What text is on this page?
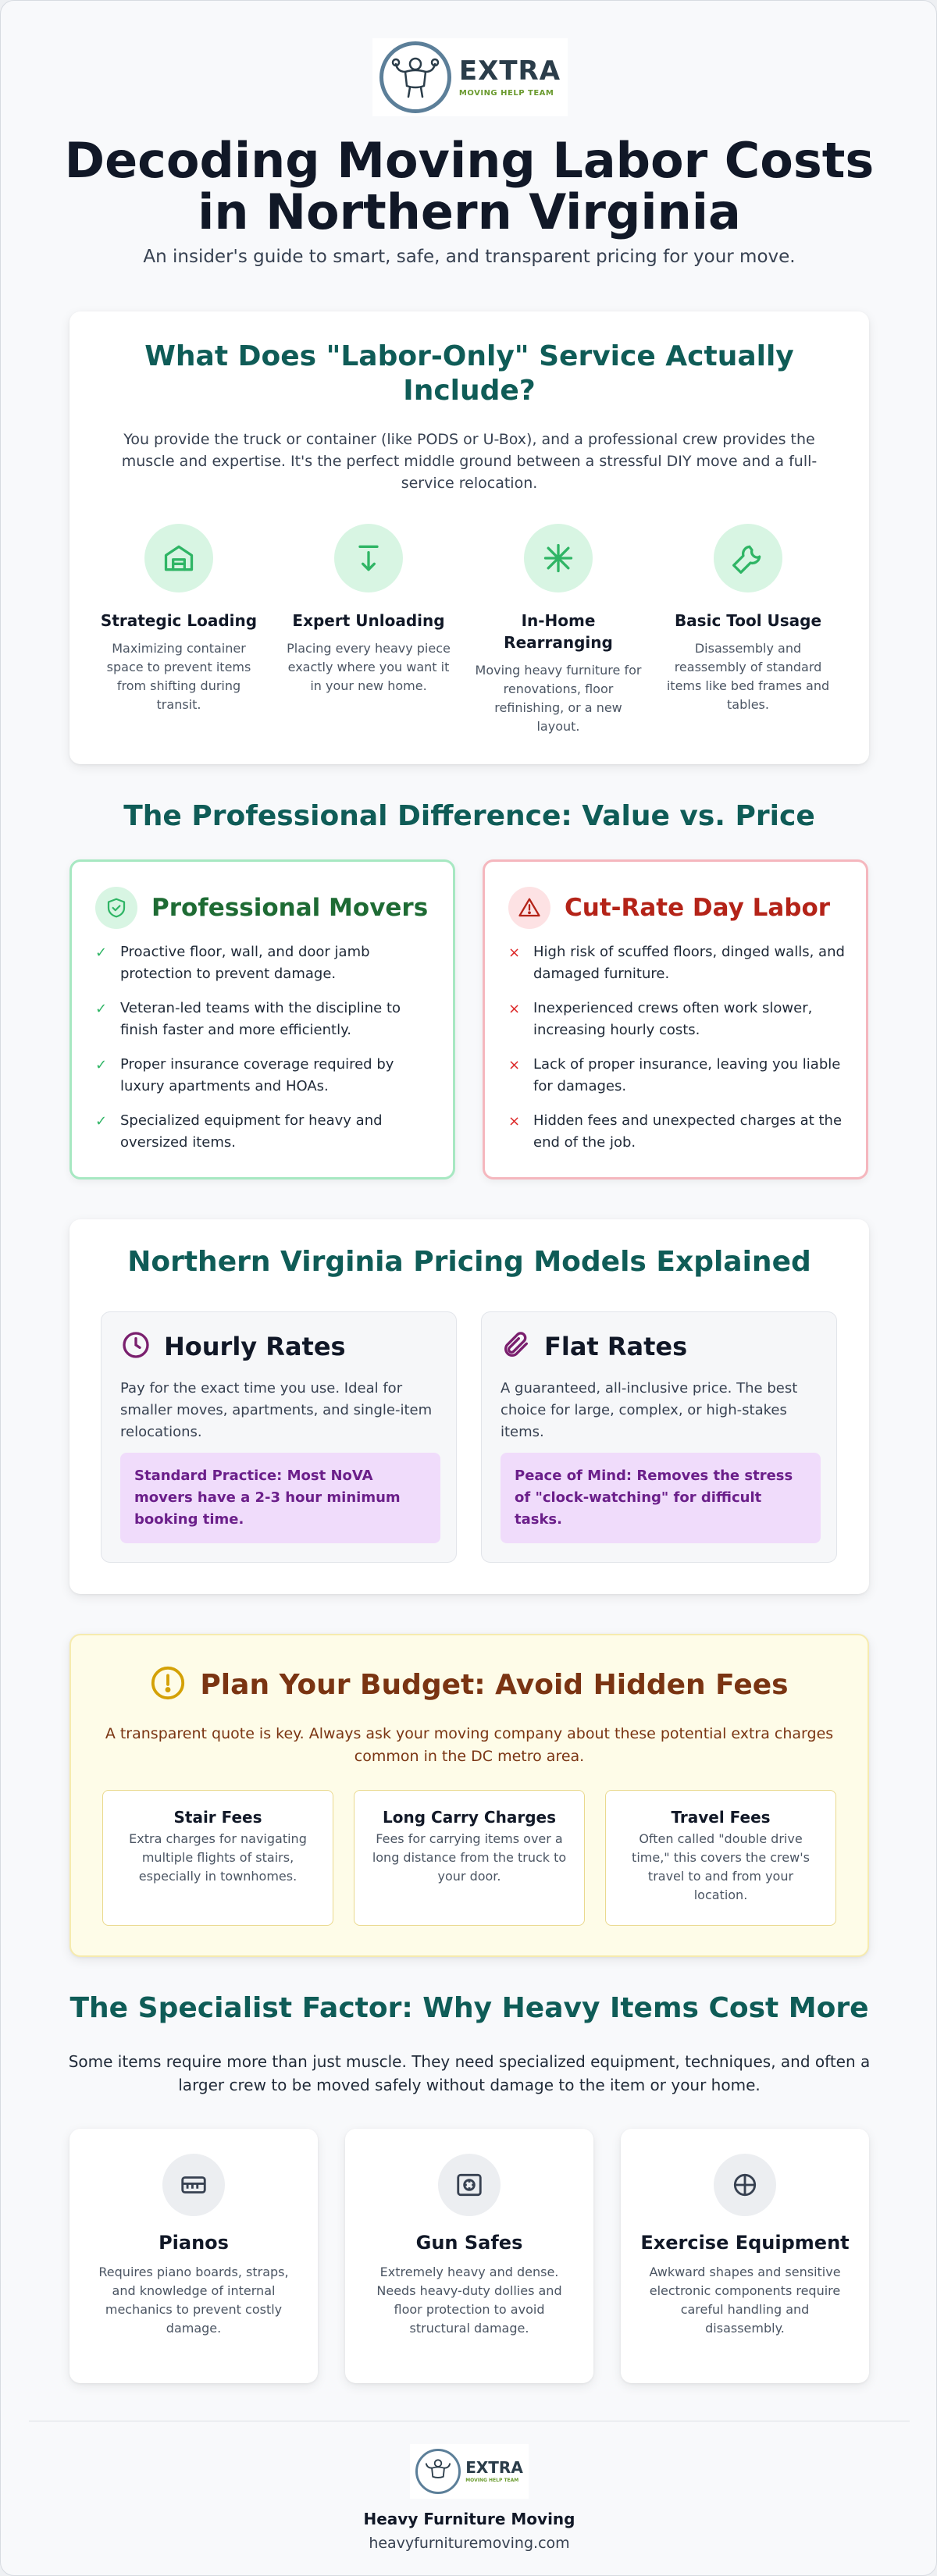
EXTRA
MOVING HELP TEAM
Decoding Moving Labor Costs in Northern Virginia

An insider's guide to smart, safe, and transparent pricing for your move.

What Does "Labor-Only" Service Actually Include?

You provide the truck or container (like PODS or U-Box), and a professional crew provides the muscle and expertise. It's the perfect middle ground between a stressful DIY move and a full-service relocation.

Strategic Loading
Maximizing container space to prevent items from shifting during transit.
Expert Unloading
Placing every heavy piece exactly where you want it in your new home.
In-Home Rearranging
Moving heavy furniture for renovations, floor refinishing, or a new layout.
Basic Tool Usage
Disassembly and reassembly of standard items like bed frames and tables.
The Professional Difference: Value vs. Price
Professional Movers
✓ Proactive floor, wall, and door jamb protection to prevent damage.
✓ Veteran-led teams with the discipline to finish faster and more efficiently.
✓ Proper insurance coverage required by luxury apartments and HOAs.
✓ Specialized equipment for heavy and oversized items.
Cut-Rate Day Labor
× High risk of scuffed floors, dinged walls, and damaged furniture.
× Inexperienced crews often work slower, increasing hourly costs.
× Lack of proper insurance, leaving you liable for damages.
× Hidden fees and unexpected charges at the end of the job.
Northern Virginia Pricing Models Explained
Hourly Rates

Pay for the exact time you use. Ideal for smaller moves, apartments, and single-item relocations.

Standard Practice: Most NoVA movers have a 2-3 hour minimum booking time.
Flat Rates

A guaranteed, all-inclusive price. The best choice for large, complex, or high-stakes items.

Peace of Mind: Removes the stress of "clock-watching" for difficult tasks.
Plan Your Budget: Avoid Hidden Fees

A transparent quote is key. Always ask your moving company about these potential extra charges common in the DC metro area.

Stair Fees
Extra charges for navigating multiple flights of stairs, especially in townhomes.
Long Carry Charges
Fees for carrying items over a long distance from the truck to your door.
Travel Fees
Often called "double drive time," this covers the crew's travel to and from your location.
The Specialist Factor: Why Heavy Items Cost More

Some items require more than just muscle. They need specialized equipment, techniques, and often a larger crew to be moved safely without damage to the item or your home.

Pianos
Requires piano boards, straps, and knowledge of internal mechanics to prevent costly damage.
Gun Safes
Extremely heavy and dense. Needs heavy-duty dollies and floor protection to avoid structural damage.
Exercise Equipment
Awkward shapes and sensitive electronic components require careful handling and disassembly.
EXTRA
MOVING HELP TEAM
Heavy Furniture Moving
heavyfurnituremoving.com
